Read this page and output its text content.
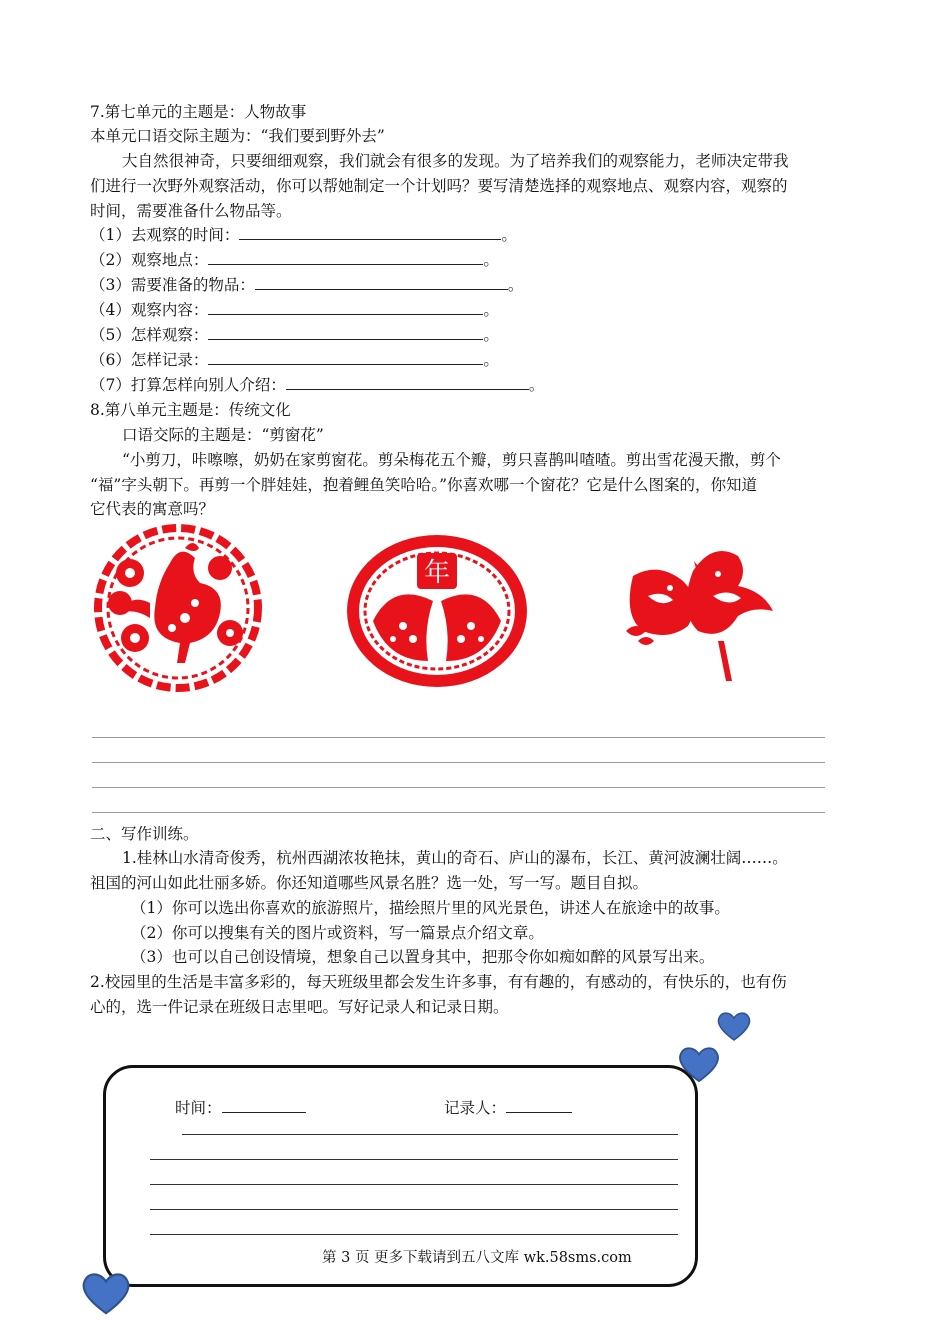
7.第七单元的主题是：人物故事
本单元口语交际主题为：“我们要到野外去”
大自然很神奇，只要细细观察，我们就会有很多的发现。为了培养我们的观察能力，老师决定带我
们进行一次野外观察活动，你可以帮她制定一个计划吗？要写清楚选择的观察地点、观察内容，观察的
时间，需要准备什么物品等。
（1）去观察的时间：	。
（2）观察地点：	。
（3）需要准备的物品：	。
（4）观察内容：	。
（5）怎样观察：	。
（6）怎样记录：	。
（7）打算怎样向别人介绍：	。
8.第八单元主题是：传统文化
口语交际的主题是：“剪窗花”
“小剪刀，咔嚓嚓，奶奶在家剪窗花。剪朵梅花五个瓣，剪只喜鹊叫喳喳。剪出雪花漫天撒，剪个
“福”字头朝下。再剪一个胖娃娃，抱着鲤鱼笑哈哈。”你喜欢哪一个窗花？它是什么图案的，你知道
它代表的寓意吗？
年
二、写作训练。
1.桂林山水清奇俊秀，杭州西湖浓妆艳抹，黄山的奇石、庐山的瀑布，长江、黄河波澜壮阔……。
祖国的河山如此壮丽多娇。你还知道哪些风景名胜？选一处，写一写。题目自拟。
（1）你可以选出你喜欢的旅游照片，描绘照片里的风光景色，讲述人在旅途中的故事。
（2）你可以搜集有关的图片或资料，写一篇景点介绍文章。
（3）也可以自己创设情境，想象自己以置身其中，把那令你如痴如醉的风景写出来。
2.校园里的生活是丰富多彩的，每天班级里都会发生许多事，有有趣的，有感动的，有快乐的，也有伤
心的，选一件记录在班级日志里吧。写好记录人和记录日期。
时间：	记录人：
第 3 页 更多下载请到五八文库 wk.58sms.com
